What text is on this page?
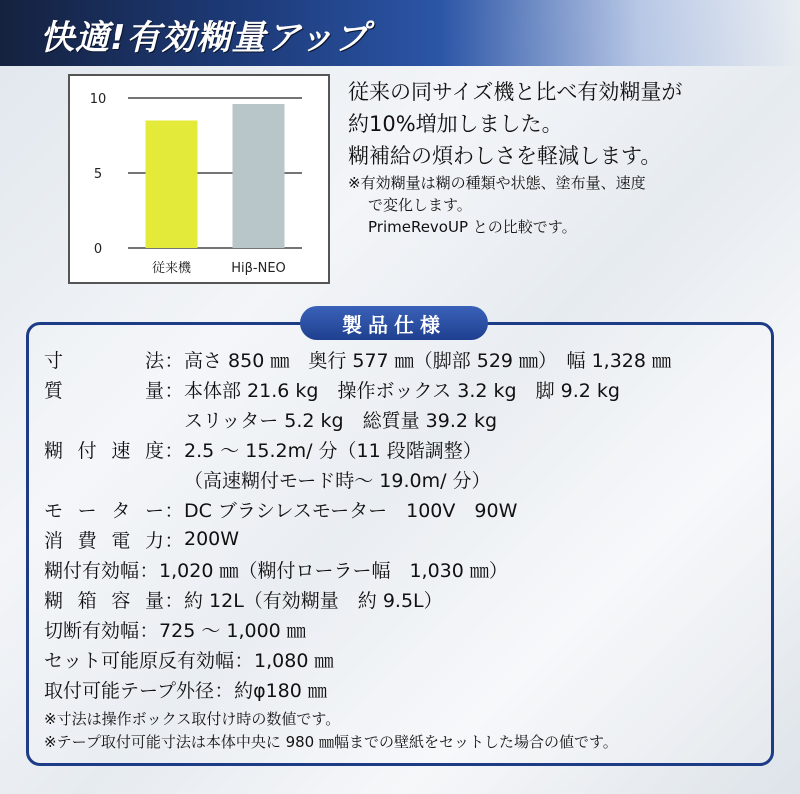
快適!有効糊量アップ
10
5
0
従来機	Hiβ-NEO
従来の同サイズ機と比べ有効糊量が
約10%増加しました。
糊補給の煩わしさを軽減します。
※有効糊量は糊の種類や状態、塗布量、速度
で変化します。
PrimeRevoUP との比較です。
製品仕様
寸	法 ： 高さ 850 ㎜　奥行 577 ㎜（脚部 529 ㎜）　幅 1,328 ㎜
質	量 ： 本体部 21.6 kg　操作ボックス 3.2 kg　脚 9.2 kg
スリッター 5.2 kg　総質量 39.2 kg
糊 付 速 度 ： 2.5 ～ 15.2m/ 分（11 段階調整）
（高速糊付モード時～ 19.0m/ 分）
モ ー タ ー ： DC ブラシレスモーター　100V　90W
消 費 電 力 ： 200W
糊付有効幅 ： 1,020 ㎜（糊付ローラー幅　1,030 ㎜）
糊 箱 容 量 ： 約 12L（有効糊量　約 9.5L）
切断有効幅 ： 725 ～ 1,000 ㎜
セット可能原反有効幅 ： 1,080 ㎜
取付可能テープ外径 ： 約φ180 ㎜
※寸法は操作ボックス取付け時の数値です。
※テープ取付可能寸法は本体中央に 980 ㎜幅までの壁紙をセットした場合の値です。
